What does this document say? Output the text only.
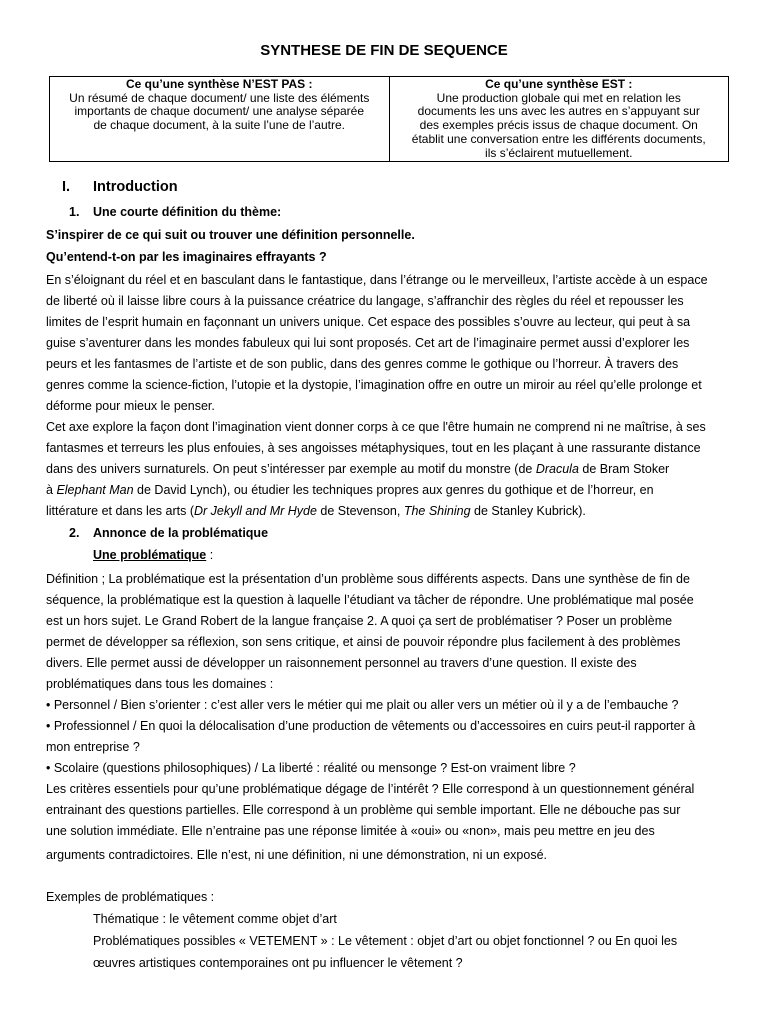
SYNTHESE DE FIN DE SEQUENCE
Ce qu’une synthèse N’EST PAS :
Un résumé de chaque document/ une liste des éléments
importants de chaque document/ une analyse séparée
de chaque document, à la suite l’une de l’autre.

Ce qu’une synthèse EST :
Une production globale qui met en relation les
documents les uns avec les autres en s’appuyant sur
des exemples précis issus de chaque document. On
établit une conversation entre les différents documents,
ils s’éclairent mutuellement.
I. Introduction
1. Une courte définition du thème:
S’inspirer de ce qui suit ou trouver une définition personnelle.
Qu’entend-t-on par les imaginaires effrayants ?
En s’éloignant du réel et en basculant dans le fantastique, dans l’étrange ou le merveilleux, l’artiste accède à un espace
de liberté où il laisse libre cours à la puissance créatrice du langage, s’affranchir des règles du réel et repousser les
limites de l’esprit humain en façonnant un univers unique. Cet espace des possibles s’ouvre au lecteur, qui peut à sa
guise s’aventurer dans les mondes fabuleux qui lui sont proposés. Cet art de l’imaginaire permet aussi d’explorer les
peurs et les fantasmes de l’artiste et de son public, dans des genres comme le gothique ou l’horreur. À travers des
genres comme la science-fiction, l’utopie et la dystopie, l’imagination offre en outre un miroir au réel qu’elle prolonge et
déforme pour mieux le penser.
Cet axe explore la façon dont l’imagination vient donner corps à ce que l'être humain ne comprend ni ne maîtrise, à ses
fantasmes et terreurs les plus enfouies, à ses angoisses métaphysiques, tout en les plaçant à une rassurante distance
dans des univers surnaturels. On peut s’intéresser par exemple au motif du monstre (de Dracula de Bram Stoker
à Elephant Man de David Lynch), ou étudier les techniques propres aux genres du gothique et de l’horreur, en
littérature et dans les arts (Dr Jekyll and Mr Hyde de Stevenson, The Shining de Stanley Kubrick).
2. Annonce de la problématique
Une problématique :
Définition ; La problématique est la présentation d’un problème sous différents aspects. Dans une synthèse de fin de
séquence, la problématique est la question à laquelle l’étudiant va tâcher de répondre. Une problématique mal posée
est un hors sujet. Le Grand Robert de la langue française 2. A quoi ça sert de problématiser ? Poser un problème
permet de développer sa réflexion, son sens critique, et ainsi de pouvoir répondre plus facilement à des problèmes
divers. Elle permet aussi de développer un raisonnement personnel au travers d’une question. Il existe des
problématiques dans tous les domaines :
• Personnel / Bien s’orienter : c’est aller vers le métier qui me plait ou aller vers un métier où il y a de l’embauche ?
• Professionnel / En quoi la délocalisation d’une production de vêtements ou d’accessoires en cuirs peut-il rapporter à
mon entreprise ?
• Scolaire (questions philosophiques) / La liberté : réalité ou mensonge ? Est-on vraiment libre ?
Les critères essentiels pour qu’une problématique dégage de l’intérêt ? Elle correspond à un questionnement général
entrainant des questions partielles. Elle correspond à un problème qui semble important. Elle ne débouche pas sur
une solution immédiate. Elle n’entraine pas une réponse limitée à «oui» ou «non», mais peu mettre en jeu des
arguments contradictoires. Elle n’est, ni une définition, ni une démonstration, ni un exposé.
Exemples de problématiques :
Thématique : le vêtement comme objet d’art
Problématiques possibles « VETEMENT » : Le vêtement : objet d’art ou objet fonctionnel ? ou En quoi les
œuvres artistiques contemporaines ont pu influencer le vêtement ?
